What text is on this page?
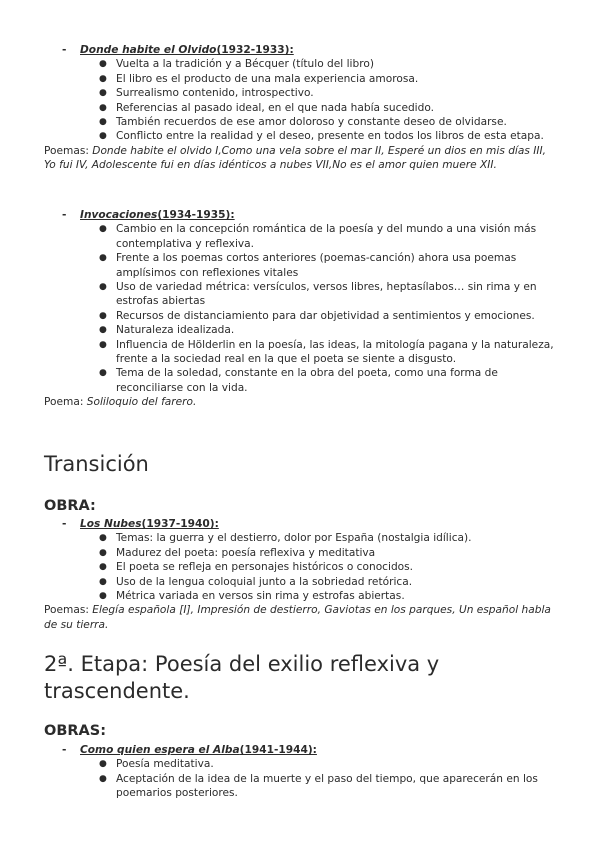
- Donde habite el Olvido(1932-1933):

● Vuelta a la tradición y a Bécquer (título del libro)
● El libro es el producto de una mala experiencia amorosa.
● Surrealismo contenido, introspectivo.
● Referencias al pasado ideal, en el que nada había sucedido.
● También recuerdos de ese amor doloroso y constante deseo de olvidarse.
● Conflicto entre la realidad y el deseo, presente en todos los libros de esta etapa.

Poemas: Donde habite el olvido I,Como una vela sobre el mar II, Esperé un dios en mis días III, Yo fui IV, Adolescente fui en días idénticos a nubes VII,No es el amor quien muere XII.

- Invocaciones(1934-1935):

● Cambio en la concepción romántica de la poesía y del mundo a una visión más contemplativa y reflexiva.
● Frente a los poemas cortos anteriores (poemas-canción) ahora usa poemas amplísimos con reflexiones vitales
● Uso de variedad métrica: versículos, versos libres, heptasílabos… sin rima y en estrofas abiertas
● Recursos de distanciamiento para dar objetividad a sentimientos y emociones.
● Naturaleza idealizada.
● Influencia de Hölderlin en la poesía, las ideas, la mitología pagana y la naturaleza, frente a la sociedad real en la que el poeta se siente a disgusto.
● Tema de la soledad, constante en la obra del poeta, como una forma de reconciliarse con la vida.

Poema: Soliloquio del farero.

Transición
OBRA:

- Los Nubes(1937-1940):

● Temas: la guerra y el destierro, dolor por España (nostalgia idílica).
● Madurez del poeta: poesía reflexiva y meditativa
● El poeta se refleja en personajes históricos o conocidos.
● Uso de la lengua coloquial junto a la sobriedad retórica.
● Métrica variada en versos sin rima y estrofas abiertas.

Poemas: Elegía española [I], Impresión de destierro, Gaviotas en los parques, Un español habla de su tierra.

2ª. Etapa: Poesía del exilio reflexiva y trascendente.
OBRAS:

- Como quien espera el Alba(1941-1944):

● Poesía meditativa.
● Aceptación de la idea de la muerte y el paso del tiempo, que aparecerán en los poemarios posteriores.
